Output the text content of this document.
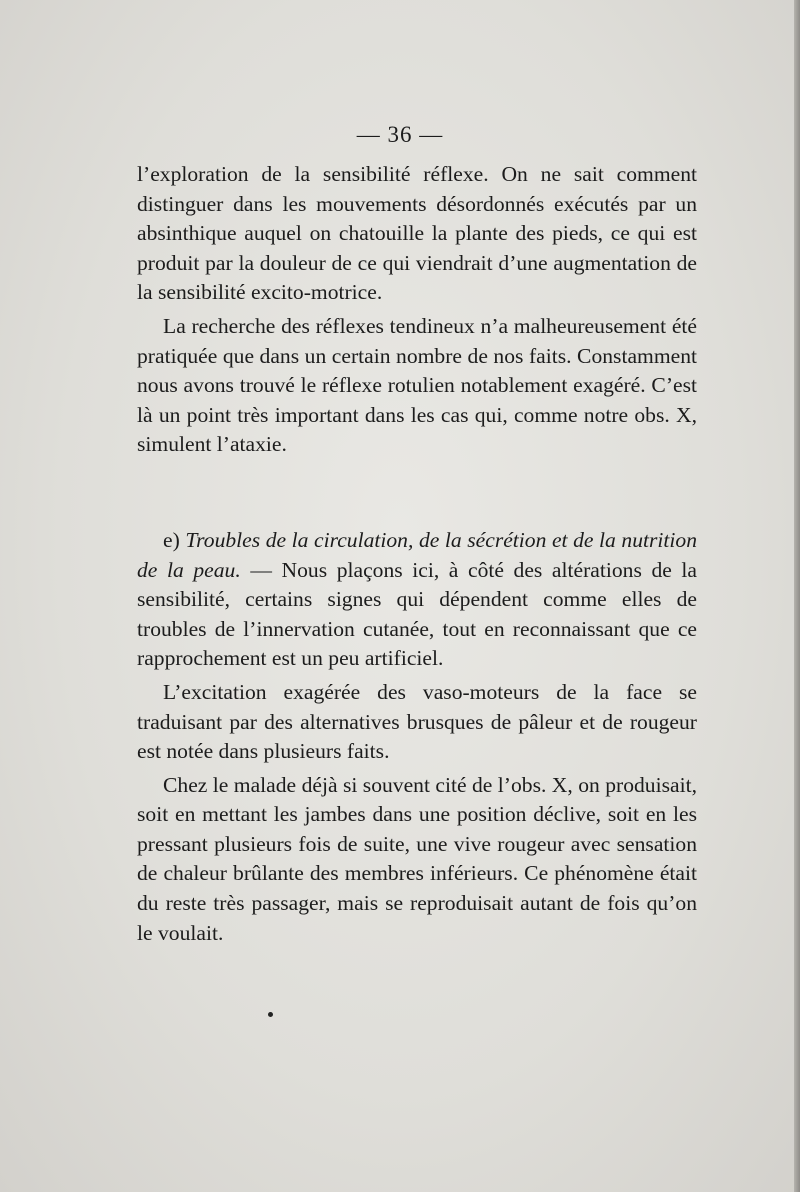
— 36 —

l’exploration de la sensibilité réflexe. On ne sait comment distinguer dans les mouvements désordonnés exécutés par un absinthique auquel on chatouille la plante des pieds, ce qui est produit par la douleur de ce qui viendrait d’une augmentation de la sensibilité excito-motrice.

La recherche des réflexes tendineux n’a malheureusement été pratiquée que dans un certain nombre de nos faits. Constamment nous avons trouvé le réflexe rotulien notablement exagéré. C’est là un point très important dans les cas qui, comme notre obs. X, simulent l’ataxie.

e) Troubles de la circulation, de la sécrétion et de la nutrition de la peau. — Nous plaçons ici, à côté des altérations de la sensibilité, certains signes qui dépendent comme elles de troubles de l’innervation cutanée, tout en reconnaissant que ce rapprochement est un peu artificiel.

L’excitation exagérée des vaso-moteurs de la face se traduisant par des alternatives brusques de pâleur et de rougeur est notée dans plusieurs faits.

Chez le malade déjà si souvent cité de l’obs. X, on produisait, soit en mettant les jambes dans une position déclive, soit en les pressant plusieurs fois de suite, une vive rougeur avec sensation de chaleur brûlante des membres inférieurs. Ce phénomène était du reste très passager, mais se reproduisait autant de fois qu’on le voulait.
